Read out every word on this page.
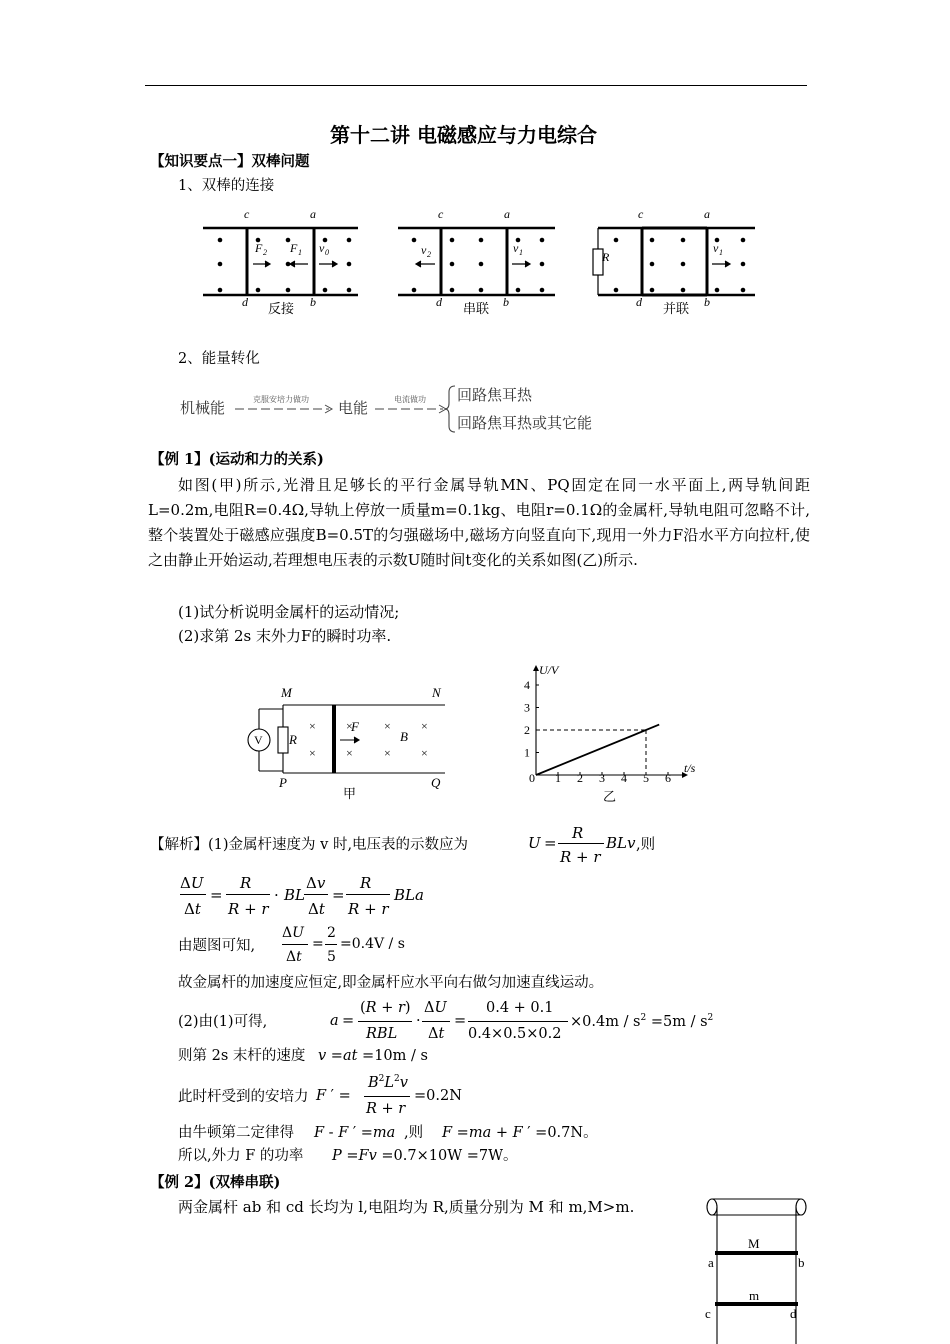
第十二讲 电磁感应与力电综合
【知识要点一】双棒问题
1、双棒的连接
c	a
d	b
F 2 F 1 v 0
c	a
d	b
v 2	v 1
c	a
d	b
R
v 1
反接	串联	并联
2、能量转化
机械能	克服安培力做功 电能	电流做功 回路焦耳热
回路焦耳热或其它能
【例 1】(运动和力的关系)
如图(甲)所示,光滑且足够长的平行金属导轨MN、PQ固定在同一水平面上,两导轨间距L=0.2m,电阻R=0.4Ω,导轨上停放一质量m=0.1kg、电阻r=0.1Ω的金属杆,导轨电阻可忽略不计,整个装置处于磁感应强度B=0.5T的匀强磁场中,磁场方向竖直向下,现用一外力F沿水平方向拉杆,使之由静止开始运动,若理想电压表的示数U随时间t变化的关系如图(乙)所示.
(1)试分析说明金属杆的运动情况;
(2)求第 2s 末外力F的瞬时功率.
×
×
×
×
×
×
×
×
M	N
P	Q
R
F
B
V
甲
0 1 2 3 4 5 6
1
2
3
4
U/V
t/s
乙
【解析】(1)金属杆速度为 v 时,电压表的示数应为	U =
R
R + r
BLv ,则
ΔU
Δt
=
R
R + r
· BL
Δv
Δt
=
R
R + r
BLa
由题图可知,
ΔU
Δt
=
2
5
=0.4V / s
故金属杆的加速度应恒定,即金属杆应水平向右做匀加速直线运动。
(2)由(1)可得,	a =
(R + r)
RBL
·
ΔU
Δt
=
0.4 + 0.1
0.4×0.5×0.2
$\times 0.4m / s^2 =5m / s^2$
则第 2s 末杆的速度 v =at =10m / s
此时杆受到的安培力 F ′ =
$B^2L^2v$
R + r
=0.2N
由牛顿第二定律得 F - F ′ =ma ,则 F =ma + F ′ =0.7N。
所以,外力 F 的功率 P =Fv =0.7×10W =7W。
【例 2】(双棒串联)
两金属杆 ab 和 cd 长均为 l,电阻均为 R,质量分别为 M 和 m,M>m.
M
m
a	b
c	d
